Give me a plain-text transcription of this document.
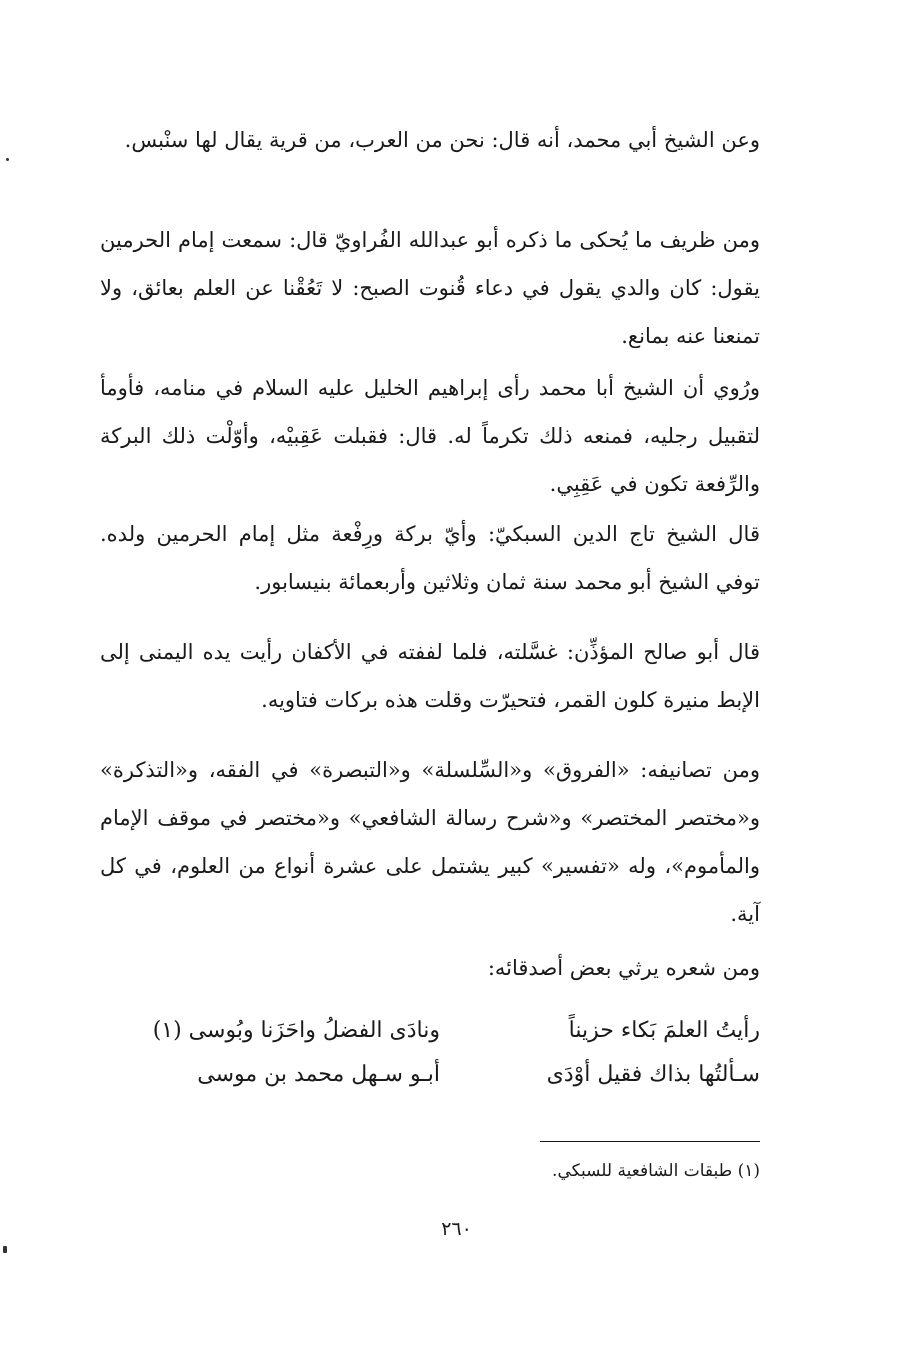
وعن الشيخ أبي محمد، أنه قال: نحن من العرب، من قرية يقال لها سنْبس.
ومن ظريف ما يُحكى ما ذكره أبو عبدالله الفُراويّ قال: سمعت إمام الحرمين يقول: كان والدي يقول في دعاء قُنوت الصبح: لا تَعُقْنا عن العلم بعائق، ولا تمنعنا عنه بمانع.
ورُوي أن الشيخ أبا محمد رأى إبراهيم الخليل عليه السلام في منامه، فأومأ لتقبيل رجليه، فمنعه ذلك تكرماً له. قال: فقبلت عَقِبيْه، وأوّلْت ذلك البركة والرِّفعة تكون في عَقِبِي.
قال الشيخ تاج الدين السبكيّ: وأيّ بركة ورِفْعة مثل إمام الحرمين ولده. توفي الشيخ أبو محمد سنة ثمان وثلاثين وأربعمائة بنيسابور.
قال أبو صالح المؤذِّن: غسَّلته، فلما لففته في الأكفان رأيت يده اليمنى إلى الإبط منيرة كلون القمر، فتحيرّت وقلت هذه بركات فتاويه.
ومن تصانيفه: «الفروق» و«السِّلسلة» و«التبصرة» في الفقه، و«التذكرة» و«مختصر المختصر» و«شرح رسالة الشافعي» و«مختصر في موقف الإمام والمأموم»، وله «تفسير» كبير يشتمل على عشرة أنواع من العلوم، في كل آية.
ومن شعره يرثي بعض أصدقائه:
رأيتُ العلمَ بَكاء حزيناً
ونادَى الفضلُ واحَزَنا وبُوسى (١)
سـألتُها بذاك فقيل أوْدَى
أبـو سـهل محمد بن موسى
(١) طبقات الشافعية للسبكي.
٢٦٠
